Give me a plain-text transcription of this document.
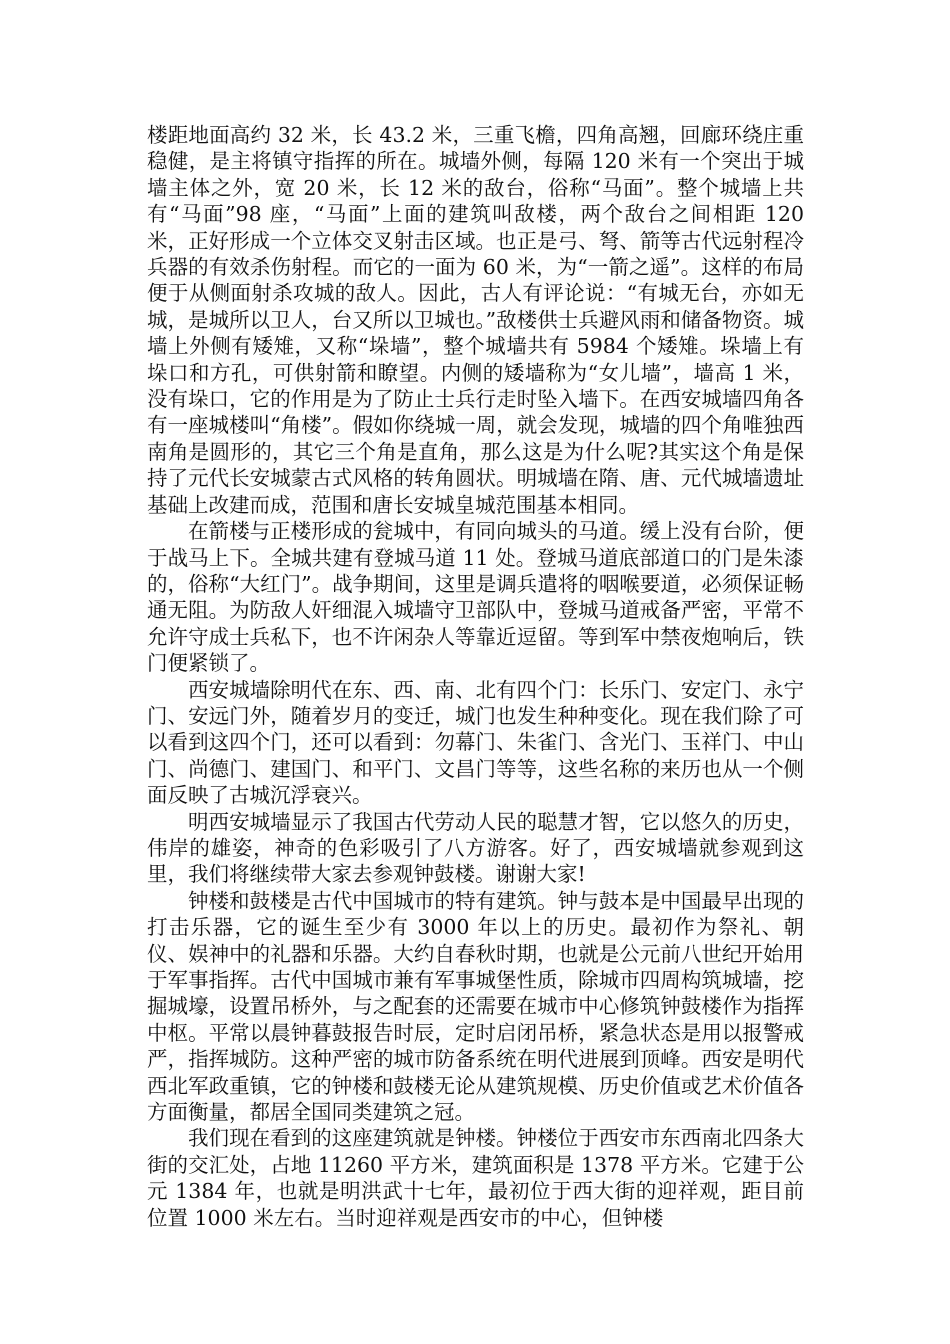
楼距地面高约 32 米，长 43.2 米，三重飞檐，四角高翘，回廊环绕庄重稳健，是主将镇守指挥的所在。城墙外侧，每隔 120 米有一个突出于城墙主体之外，宽 20 米，长 12 米的敌台，俗称“马面”。整个城墙上共有“马面”98 座，“马面”上面的建筑叫敌楼，两个敌台之间相距 120 米，正好形成一个立体交叉射击区域。也正是弓、弩、箭等古代远射程冷兵器的有效杀伤射程。而它的一面为 60 米，为“一箭之遥”。这样的布局便于从侧面射杀攻城的敌人。因此，古人有评论说：“有城无台，亦如无城，是城所以卫人，台又所以卫城也。”敌楼供士兵避风雨和储备物资。城墙上外侧有矮雉，又称“垛墙”，整个城墙共有 5984 个矮雉。垛墙上有垛口和方孔，可供射箭和瞭望。内侧的矮墙称为“女儿墙”，墙高 1 米，没有垛口，它的作用是为了防止士兵行走时坠入墙下。在西安城墙四角各有一座城楼叫“角楼”。假如你绕城一周，就会发现，城墙的四个角唯独西南角是圆形的，其它三个角是直角，那么这是为什么呢?其实这个角是保持了元代长安城蒙古式风格的转角圆状。明城墙在隋、唐、元代城墙遗址基础上改建而成，范围和唐长安城皇城范围基本相同。

在箭楼与正楼形成的瓮城中，有同向城头的马道。缓上没有台阶，便于战马上下。全城共建有登城马道 11 处。登城马道底部道口的门是朱漆的，俗称“大红门”。战争期间，这里是调兵遣将的咽喉要道，必须保证畅通无阻。为防敌人奸细混入城墙守卫部队中，登城马道戒备严密，平常不允许守成士兵私下，也不许闲杂人等靠近逗留。等到军中禁夜炮响后，铁门便紧锁了。

西安城墙除明代在东、西、南、北有四个门：长乐门、安定门、永宁门、安远门外，随着岁月的变迁，城门也发生种种变化。现在我们除了可以看到这四个门，还可以看到：勿幕门、朱雀门、含光门、玉祥门、中山门、尚德门、建国门、和平门、文昌门等等，这些名称的来历也从一个侧面反映了古城沉浮衰兴。

明西安城墙显示了我国古代劳动人民的聪慧才智，它以悠久的历史，伟岸的雄姿，神奇的色彩吸引了八方游客。好了，西安城墙就参观到这里，我们将继续带大家去参观钟鼓楼。谢谢大家!

钟楼和鼓楼是古代中国城市的特有建筑。钟与鼓本是中国最早出现的打击乐器，它的诞生至少有 3000 年以上的历史。最初作为祭礼、朝仪、娱神中的礼器和乐器。大约自春秋时期，也就是公元前八世纪开始用于军事指挥。古代中国城市兼有军事城堡性质，除城市四周构筑城墙，挖掘城壕，设置吊桥外，与之配套的还需要在城市中心修筑钟鼓楼作为指挥中枢。平常以晨钟暮鼓报告时辰，定时启闭吊桥，紧急状态是用以报警戒严，指挥城防。这种严密的城市防备系统在明代进展到顶峰。西安是明代西北军政重镇，它的钟楼和鼓楼无论从建筑规模、历史价值或艺术价值各方面衡量，都居全国同类建筑之冠。

我们现在看到的这座建筑就是钟楼。钟楼位于西安市东西南北四条大街的交汇处，占地 11260 平方米，建筑面积是 1378 平方米。它建于公元 1384 年，也就是明洪武十七年，最初位于西大街的迎祥观，距目前位置 1000 米左右。当时迎祥观是西安市的中心，但钟楼
